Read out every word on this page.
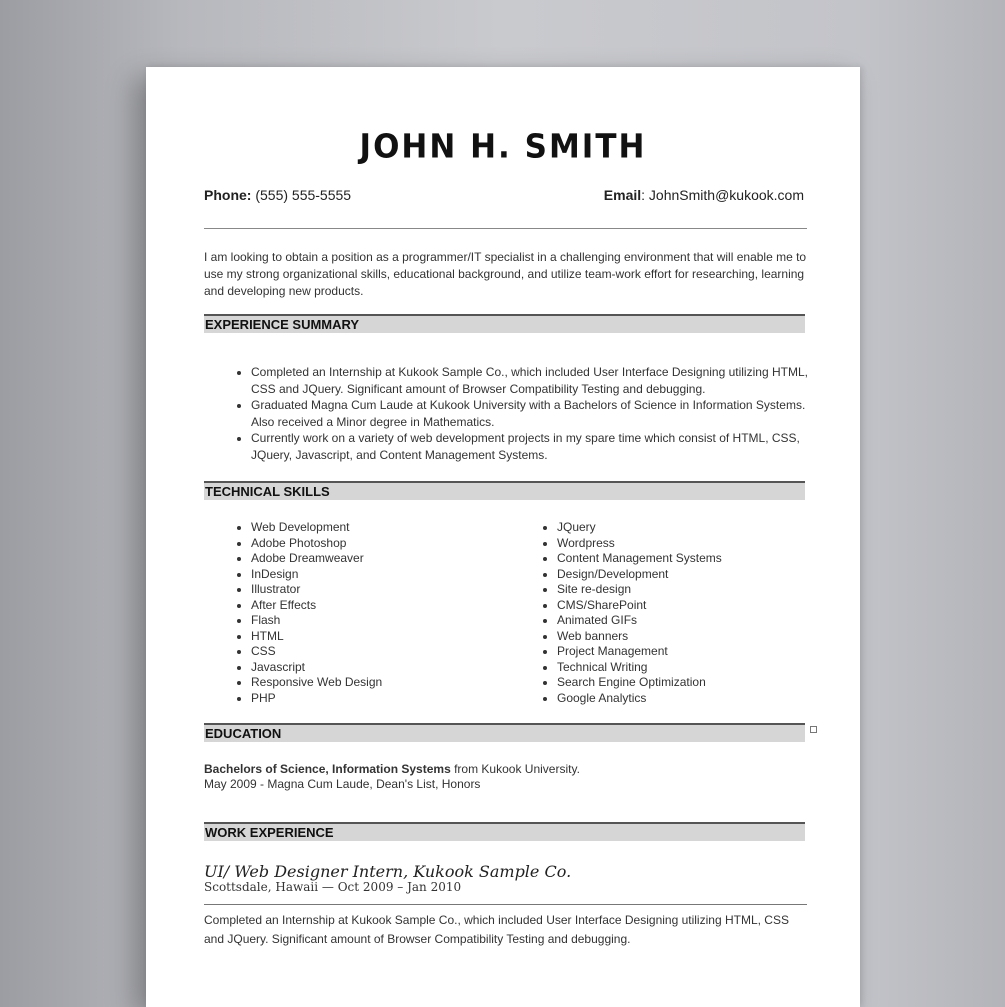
JOHN H. SMITH
Phone: (555) 555-5555	Email: JohnSmith@kukook.com
I am looking to obtain a position as a programmer/IT specialist in a challenging environment that will enable me to use my strong organizational skills, educational background, and utilize team-work effort for researching, learning and developing new products.
EXPERIENCE SUMMARY
• Completed an Internship at Kukook Sample Co., which included User Interface Designing utilizing HTML, CSS and JQuery. Significant amount of Browser Compatibility Testing and debugging.
• Graduated Magna Cum Laude at Kukook University with a Bachelors of Science in Information Systems. Also received a Minor degree in Mathematics.
• Currently work on a variety of web development projects in my spare time which consist of HTML, CSS, JQuery, Javascript, and Content Management Systems.
TECHNICAL SKILLS
• Web Development
• Adobe Photoshop
• Adobe Dreamweaver
• InDesign
• Illustrator
• After Effects
• Flash
• HTML
• CSS
• Javascript
• Responsive Web Design
• PHP
• JQuery
• Wordpress
• Content Management Systems
• Design/Development
• Site re-design
• CMS/SharePoint
• Animated GIFs
• Web banners
• Project Management
• Technical Writing
• Search Engine Optimization
• Google Analytics
EDUCATION
Bachelors of Science, Information Systems from Kukook University.
May 2009 - Magna Cum Laude, Dean's List, Honors
WORK EXPERIENCE
UI/ Web Designer Intern, Kukook Sample Co.
Scottsdale, Hawaii — Oct 2009 – Jan 2010
Completed an Internship at Kukook Sample Co., which included User Interface Designing utilizing HTML, CSS and JQuery. Significant amount of Browser Compatibility Testing and debugging.
